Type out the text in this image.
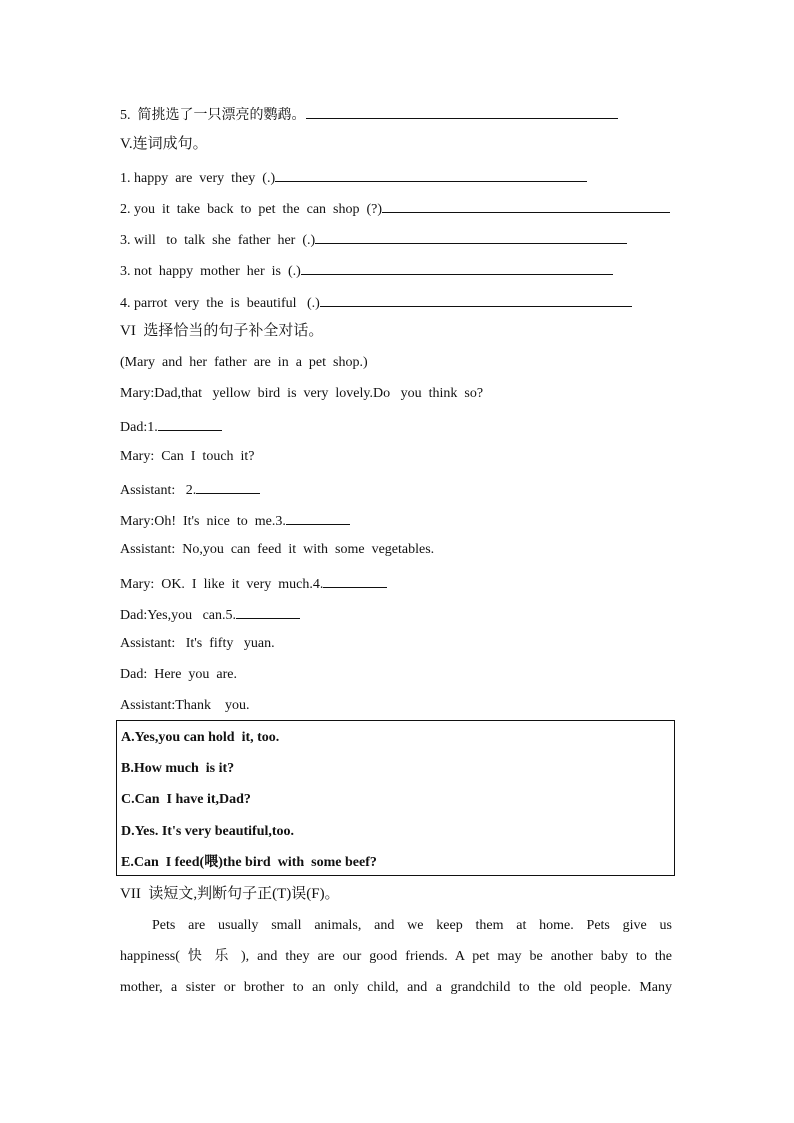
5.  简挑选了一只漂亮的鹦鹉。
V.连词成句。
1. happy  are  very  they  (.)
2. you  it  take  back  to  pet  the  can  shop  (?)
3. will   to  talk  she  father  her  (.)
3. not  happy  mother  her  is  (.)
4. parrot  very  the  is  beautiful   (.)
VI  选择恰当的句子补全对话。
(Mary  and  her  father  are  in  a  pet  shop.)
Mary:Dad,that   yellow  bird  is  very  lovely.Do   you  think  so?
Dad:1.
Mary:  Can  I  touch  it?
Assistant:   2.
Mary:Oh!  It's  nice  to  me.3.
Assistant:  No,you  can  feed  it  with  some  vegetables.
Mary:  OK.  I  like  it  very  much.4.
Dad:Yes,you   can.5.
Assistant:   It's  fifty   yuan.
Dad:  Here  you  are.
Assistant:Thank    you.
A.Yes,you can hold  it, too.
B.How much  is it?
C.Can  I have it,Dad?
D.Yes. It's very beautiful,too.
E.Can  I feed(喂)the bird  with  some beef?
VII  读短文,判断句子正(T)误(F)。
Pets are usually small animals, and we keep them at home. Pets give us
happiness( 快 乐 ), and they are our good friends. A pet may be another baby to the
mother, a sister or brother to an only child, and a grandchild to the old people. Many
